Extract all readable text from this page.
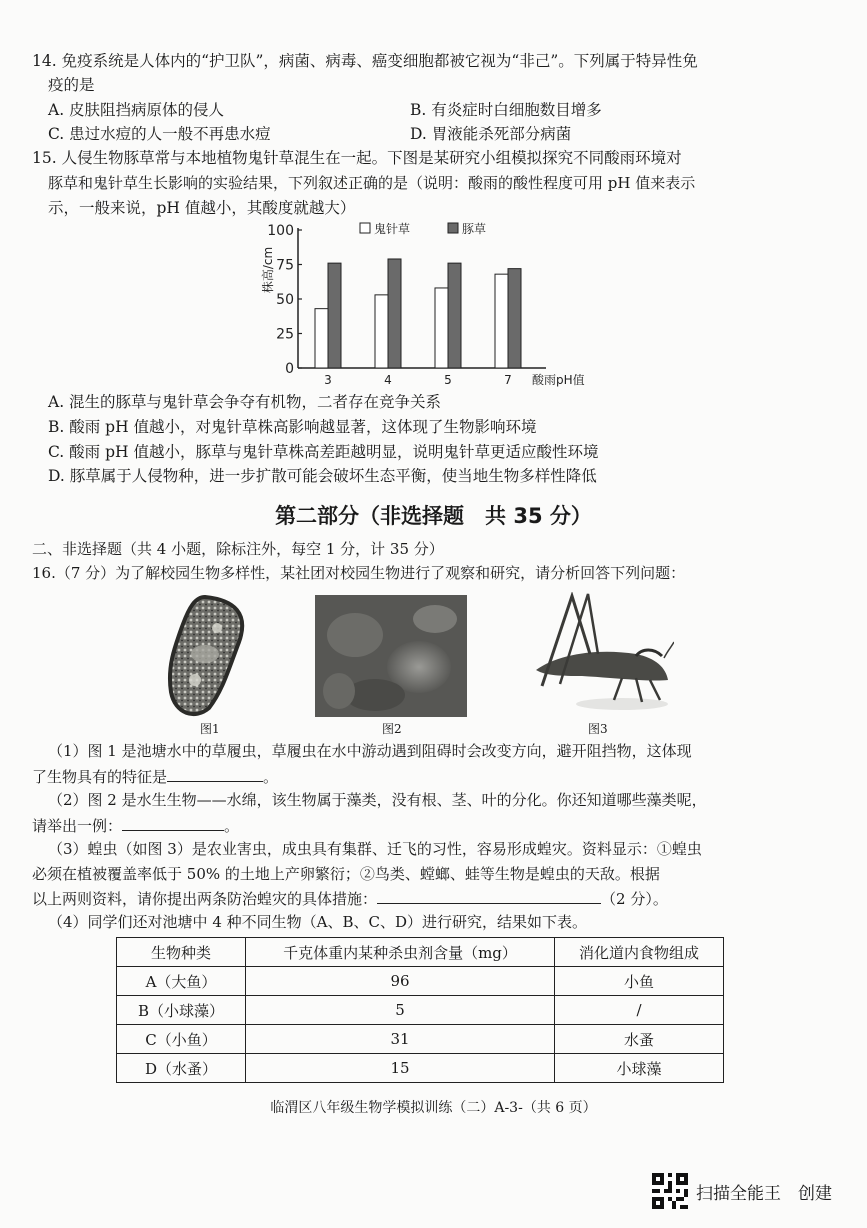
14. 免疫系统是人体内的“护卫队”，病菌、病毒、癌变细胞都被它视为“非己”。下列属于特异性免
疫的是
A. 皮肤阻挡病原体的侵人	B. 有炎症时白细胞数目增多
C. 患过水痘的人一般不再患水痘	D. 胃液能杀死部分病菌
15. 人侵生物豚草常与本地植物鬼针草混生在一起。下图是某研究小组模拟探究不同酸雨环境对
豚草和鬼针草生长影响的实验结果，下列叙述正确的是（说明：酸雨的酸性程度可用 pH 值来表示
示，一般来说，pH 值越小，其酸度就越大）
0
25
50
75
100
株高/cm
3	4	5	7 酸雨pH值
鬼针草	豚草
A. 混生的豚草与鬼针草会争夺有机物，二者存在竞争关系
B. 酸雨 pH 值越小，对鬼针草株高影响越显著，这体现了生物影响环境
C. 酸雨 pH 值越小，豚草与鬼针草株高差距越明显，说明鬼针草更适应酸性环境
D. 豚草属于人侵物种，进一步扩散可能会破坏生态平衡，使当地生物多样性降低
第二部分（非选择题　共 35 分）
二、非选择题（共 4 小题，除标注外，每空 1 分，计 35 分）
16.（7 分）为了解校园生物多样性，某社团对校园生物进行了观察和研究，请分析回答下列问题：
图1	图2	图3
（1）图 1 是池塘水中的草履虫，草履虫在水中游动遇到阻碍时会改变方向，避开阻挡物，这体现
了生物具有的特征是	。
（2）图 2 是水生生物——水绵，该生物属于藻类，没有根、茎、叶的分化。你还知道哪些藻类呢，
请举出一例：	。
（3）蝗虫（如图 3）是农业害虫，成虫具有集群、迁飞的习性，容易形成蝗灾。资料显示：①蝗虫
必须在植被覆盖率低于 50% 的土地上产卵繁衍；②鸟类、螳螂、蛙等生物是蝗虫的天敌。根据
以上两则资料，请你提出两条防治蝗灾的具体措施：	（2 分）。
（4）同学们还对池塘中 4 种不同生物（A、B、C、D）进行研究，结果如下表。
生物种类	千克体重内某种杀虫剂含量（mg）	消化道内食物组成
A（大鱼）	96	小鱼
B（小球藻）	5	/
C（小鱼）	31	水蚤
D（水蚤）	15	小球藻
临渭区八年级生物学模拟训练（二）A-3-（共 6 页）
扫描全能王　创建
